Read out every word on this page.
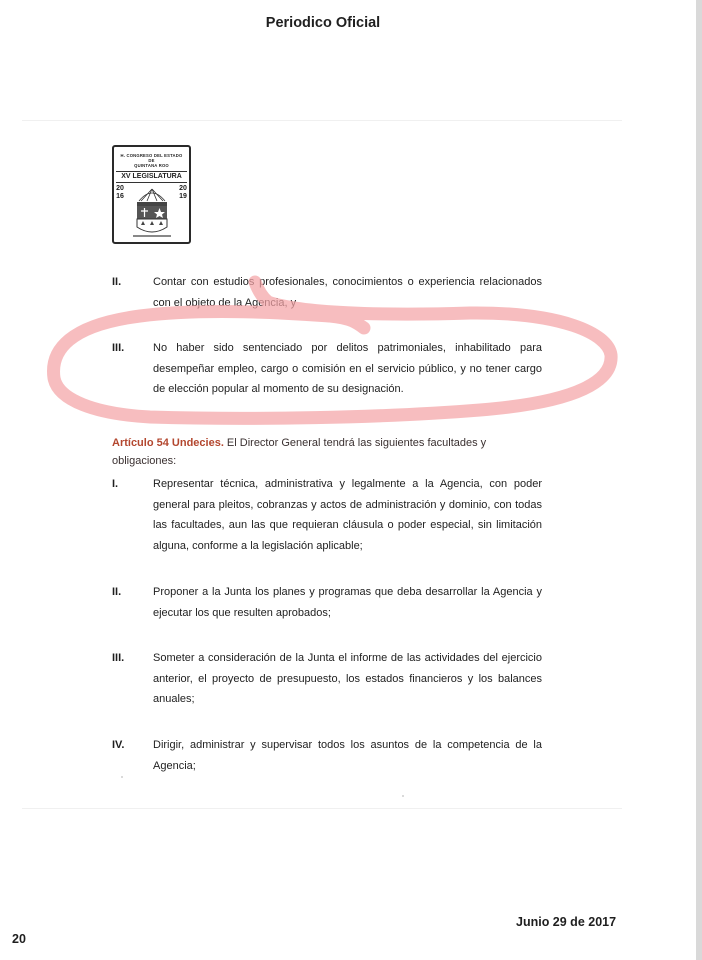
Periodico Oficial
H. CONGRESO DEL ESTADO
DE
QUINTANA ROO
XV LEGISLATURA
2016
2019
II.	Contar con estudios profesionales, conocimientos o experiencia relacionados con el objeto de la Agencia, y
III.	No haber sido sentenciado por delitos patrimoniales, inhabilitado para desempeñar empleo, cargo o comisión en el servicio público, y no tener cargo de elección popular al momento de su designación.
Artículo 54 Undecies. El Director General tendrá las siguientes facultades y obligaciones:
I.	Representar técnica, administrativa y legalmente a la Agencia, con poder general para pleitos, cobranzas y actos de administración y dominio, con todas las facultades, aun las que requieran cláusula o poder especial, sin limitación alguna, conforme a la legislación aplicable;
II.	Proponer a la Junta los planes y programas que deba desarrollar la Agencia y ejecutar los que resulten aprobados;
III.	Someter a consideración de la Junta el informe de las actividades del ejercicio anterior, el proyecto de presupuesto, los estados financieros y los balances anuales;
IV.	Dirigir, administrar y supervisar todos los asuntos de la competencia de la Agencia;
Junio 29 de 2017
20
